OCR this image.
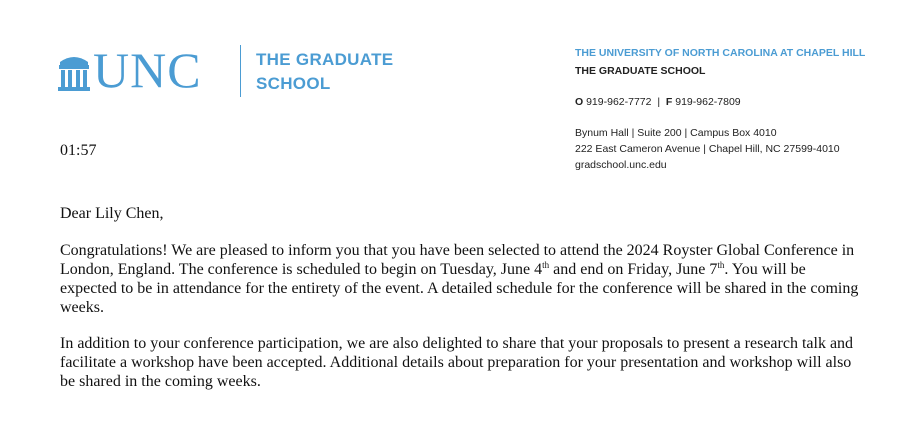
UNC	THE GRADUATE
SCHOOL
THE UNIVERSITY OF NORTH CAROLINA AT CHAPEL HILL
THE GRADUATE SCHOOL
O 919-962-7772 | F 919-962-7809
Bynum Hall | Suite 200 | Campus Box 4010
222 East Cameron Avenue | Chapel Hill, NC 27599-4010
gradschool.unc.edu
01:57

Dear Lily Chen,

Congratulations! We are pleased to inform you that you have been selected to attend the 2024 Royster Global Conference in London, England. The conference is scheduled to begin on Tuesday, June 4th and end on Friday, June 7th. You will be expected to be in attendance for the entirety of the event. A detailed schedule for the conference will be shared in the coming weeks.

In addition to your conference participation, we are also delighted to share that your proposals to present a research talk and facilitate a workshop have been accepted. Additional details about preparation for your presentation and workshop will also be shared in the coming weeks.
